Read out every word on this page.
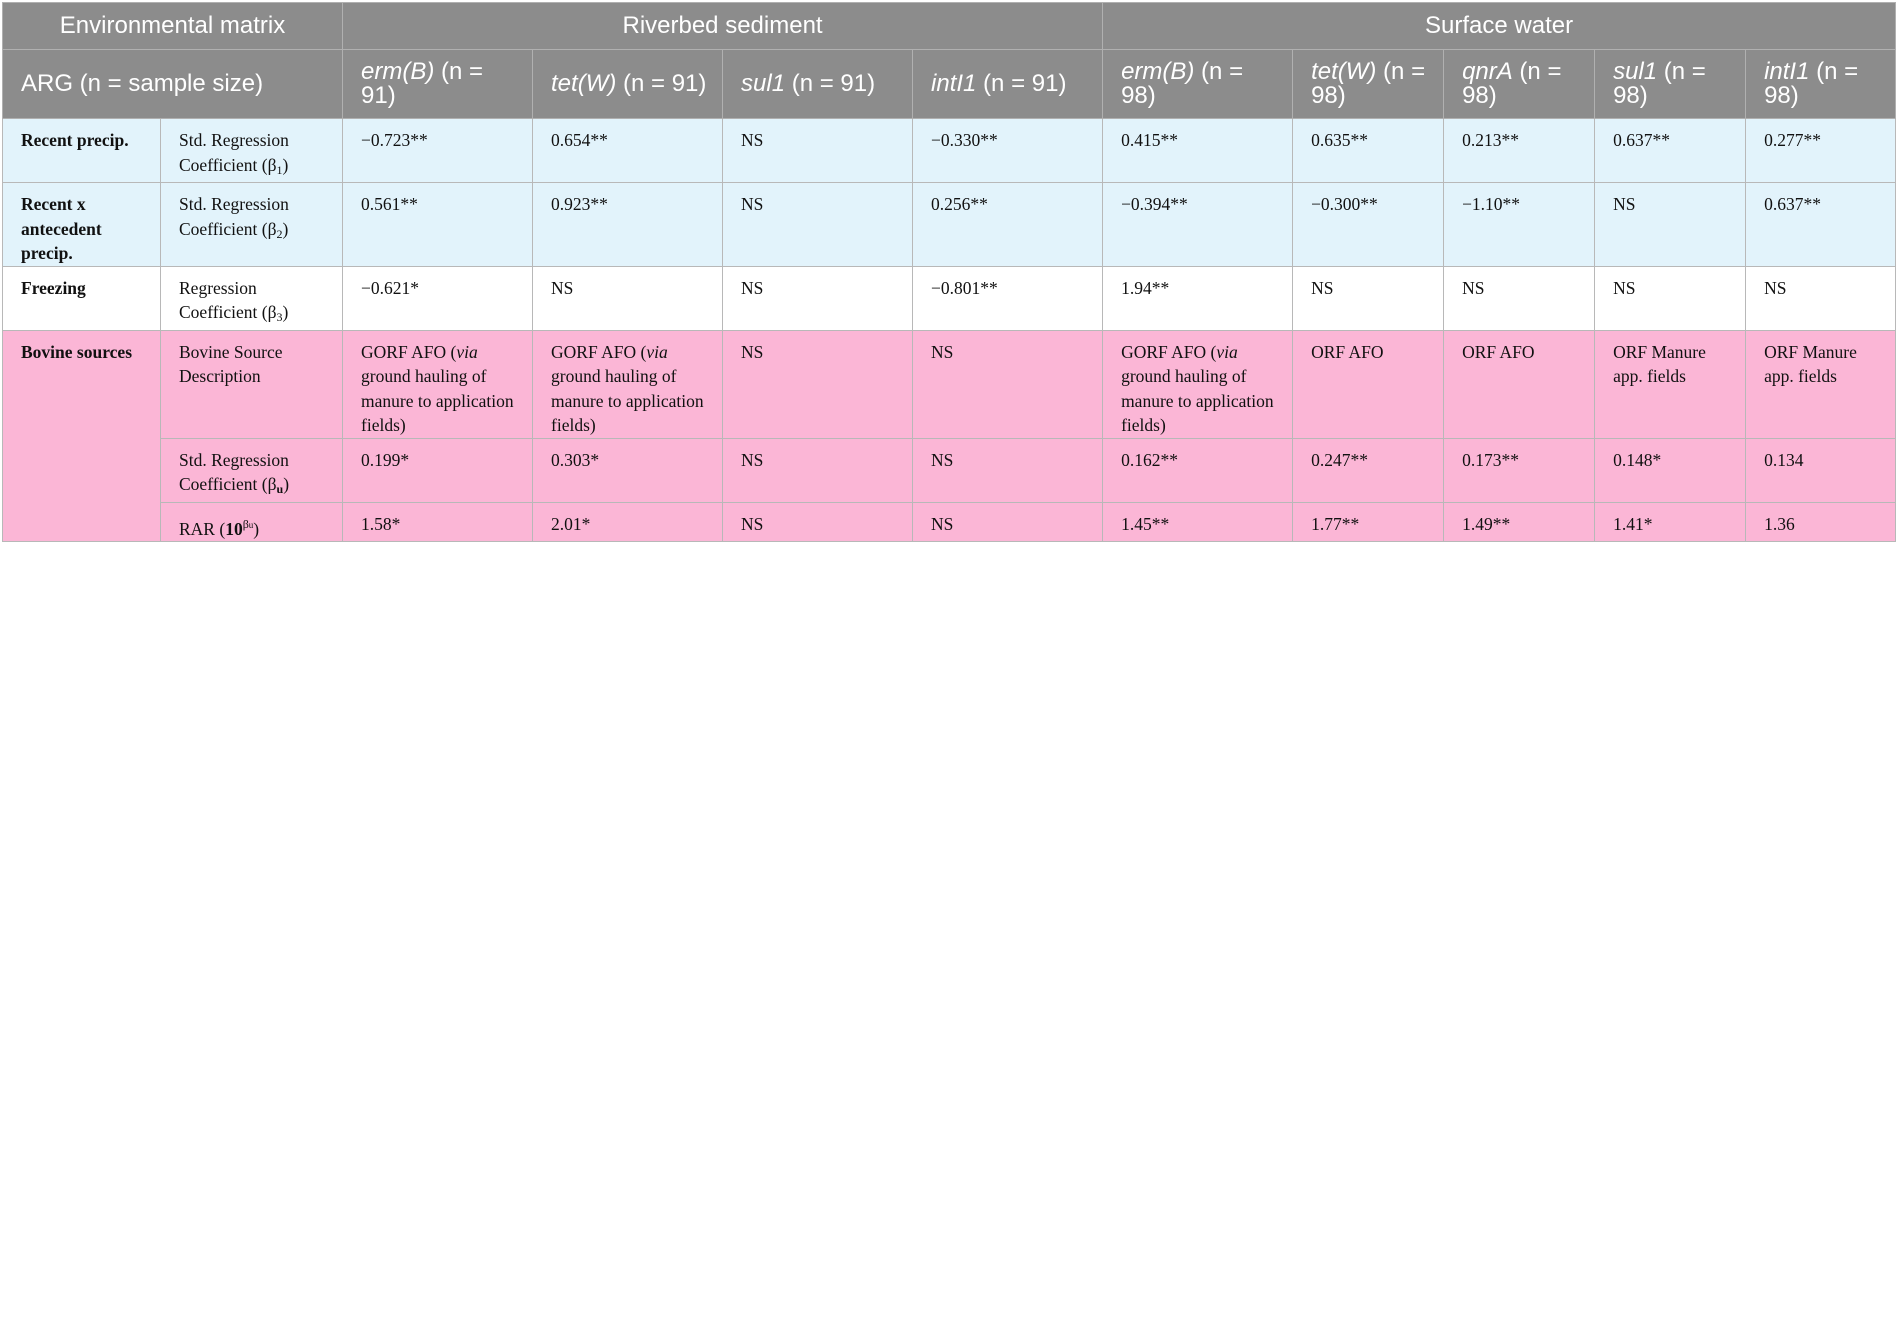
Environmental matrix		Riverbed sediment				Surface water				
ARG (n = sample size)		erm(B) (n = 91)	tet(W) (n = 91)	sul1 (n = 91)	intI1 (n = 91)	erm(B) (n = 98)	tet(W) (n = 98)	qnrA (n = 98)	sul1 (n = 98)	intI1 (n = 98)
Recent precip.	Std. Regression Coefficient $(\beta_1)$	−0.723**	0.654**	NS	−0.330**	0.415**	0.635**	0.213**	0.637**	0.277**
Recent x antecedent precip.	Std. Regression Coefficient $(\beta_2)$	0.561**	0.923**	NS	0.256**	−0.394**	−0.300**	−1.10**	NS	0.637**
Freezing	Regression Coefficient $(\beta_3)$	−0.621*	NS	NS	−0.801**	1.94**	NS	NS	NS	NS
Bovine sources	Bovine Source Description	GORF AFO (via ground hauling of manure to application fields)	GORF AFO (via ground hauling of manure to application fields)	NS	NS	GORF AFO (via ground hauling of manure to application fields)	ORF AFO	ORF AFO	ORF Manure app. fields	ORF Manure app. fields
	Std. Regression Coefficient $(\beta_u)$	0.199*	0.303*	NS	NS	0.162**	0.247**	0.173**	0.148*	0.134
	RAR $(10^{\beta u})$	1.58*	2.01*	NS	NS	1.45**	1.77**	1.49**	1.41*	1.36
